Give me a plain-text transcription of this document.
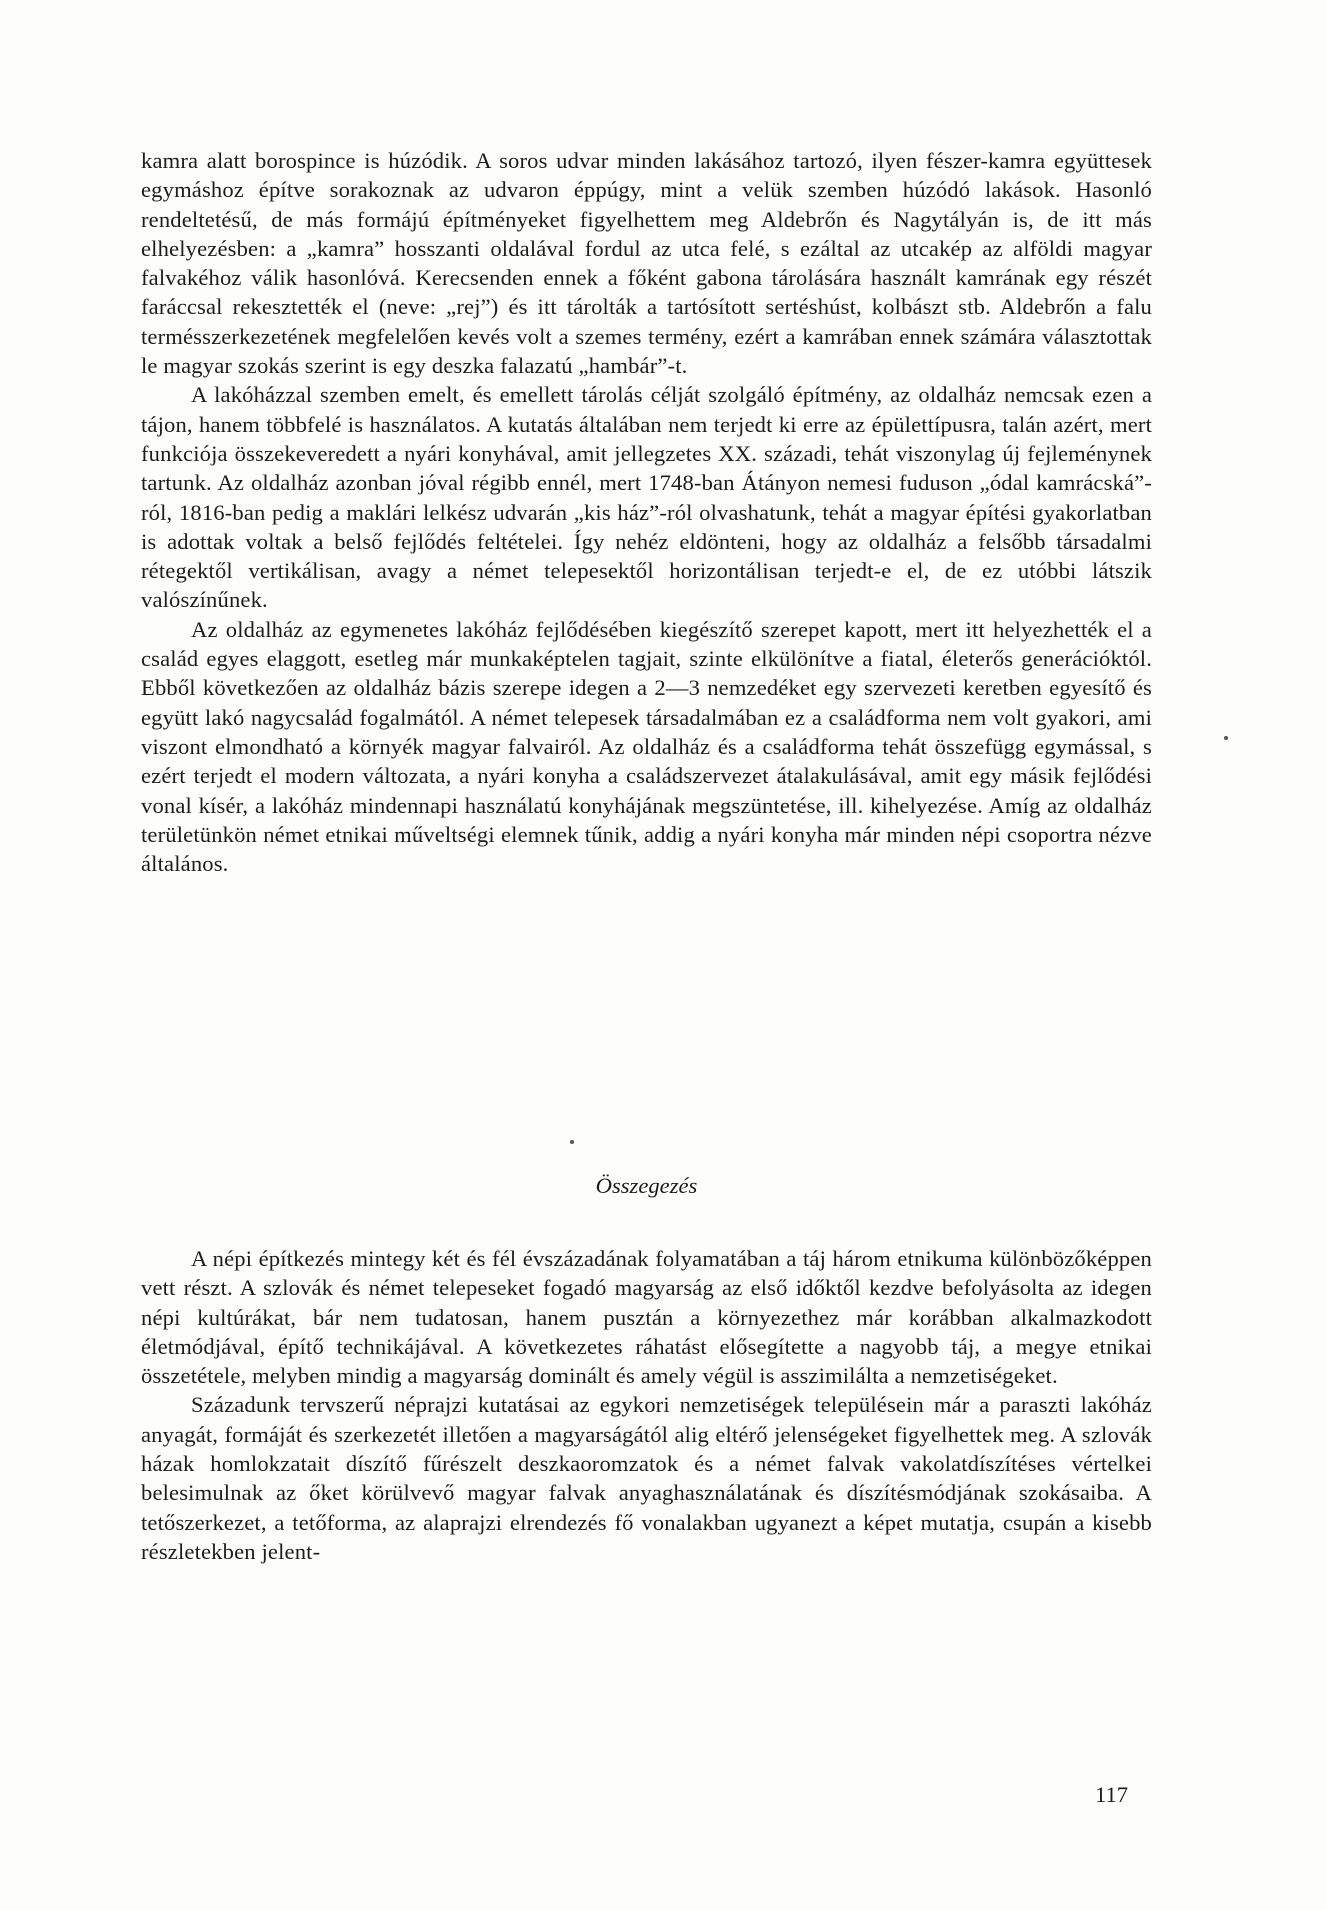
kamra alatt borospince is húzódik. A soros udvar minden lakásához tartozó, ilyen fészer-kamra együttesek egymáshoz építve sorakoznak az udvaron éppúgy, mint a velük szemben húzódó lakások. Hasonló rendeltetésű, de más formájú építményeket figyelhettem meg Aldebrőn és Nagytályán is, de itt más elhelyezésben: a „kamra” hosszanti oldalával fordul az utca felé, s ezáltal az utcakép az alföldi magyar falvakéhoz válik hasonlóvá. Kerecsenden ennek a főként gabona tárolására használt kamrának egy részét faráccsal rekesztették el (neve: „rej”) és itt tárolták a tartósított sertéshúst, kolbászt stb. Aldebrőn a falu termésszerkezetének megfelelően kevés volt a szemes termény, ezért a kamrában ennek számára választottak le magyar szokás szerint is egy deszka falazatú „hambár”-t.

A lakóházzal szemben emelt, és emellett tárolás célját szolgáló építmény, az oldalház nemcsak ezen a tájon, hanem többfelé is használatos. A kutatás általában nem terjedt ki erre az épülettípusra, talán azért, mert funkciója összekeveredett a nyári konyhával, amit jellegzetes XX. századi, tehát viszonylag új fejleménynek tartunk. Az oldalház azonban jóval régibb ennél, mert 1748-ban Átányon nemesi fuduson „ódal kamrácská”-ról, 1816-ban pedig a maklári lelkész udvarán „kis ház”-ról olvashatunk, tehát a magyar építési gyakorlatban is adottak voltak a belső fejlődés feltételei. Így nehéz eldönteni, hogy az oldalház a felsőbb társadalmi rétegektől vertikálisan, avagy a német telepesektől horizontálisan terjedt-e el, de ez utóbbi látszik valószínűnek.

Az oldalház az egymenetes lakóház fejlődésében kiegészítő szerepet kapott, mert itt helyezhették el a család egyes elaggott, esetleg már munkaképtelen tagjait, szinte elkülönítve a fiatal, életerős generációktól. Ebből következően az oldalház bázis szerepe idegen a 2—3 nemzedéket egy szervezeti keretben egyesítő és együtt lakó nagycsalád fogalmától. A német telepesek társadalmában ez a családforma nem volt gyakori, ami viszont elmondható a környék magyar falvairól. Az oldalház és a családforma tehát összefügg egymással, s ezért terjedt el modern változata, a nyári konyha a családszervezet átalakulásával, amit egy másik fejlődési vonal kísér, a lakóház mindennapi használatú konyhájának megszüntetése, ill. kihelyezése. Amíg az oldalház területünkön német etnikai műveltségi elemnek tűnik, addig a nyári konyha már minden népi csoportra nézve általános.

Összegezés

A népi építkezés mintegy két és fél évszázadának folyamatában a táj három etnikuma különbözőképpen vett részt. A szlovák és német telepeseket fogadó magyarság az első időktől kezdve befolyásolta az idegen népi kultúrákat, bár nem tudatosan, hanem pusztán a környezethez már korábban alkalmazkodott életmódjával, építő technikájával. A következetes ráhatást elősegítette a nagyobb táj, a megye etnikai összetétele, melyben mindig a magyarság dominált és amely végül is asszimilálta a nemzetiségeket.

Századunk tervszerű néprajzi kutatásai az egykori nemzetiségek településein már a paraszti lakóház anyagát, formáját és szerkezetét illetően a magyarságától alig eltérő jelenségeket figyelhettek meg. A szlovák házak homlokzatait díszítő fűrészelt deszkaoromzatok és a német falvak vakolatdíszítéses vértelkei belesimulnak az őket körülvevő magyar falvak anyaghasználatának és díszítésmódjának szokásaiba. A tetőszerkezet, a tetőforma, az alaprajzi elrendezés fő vonalakban ugyanezt a képet mutatja, csupán a kisebb részletekben jelent-

117
